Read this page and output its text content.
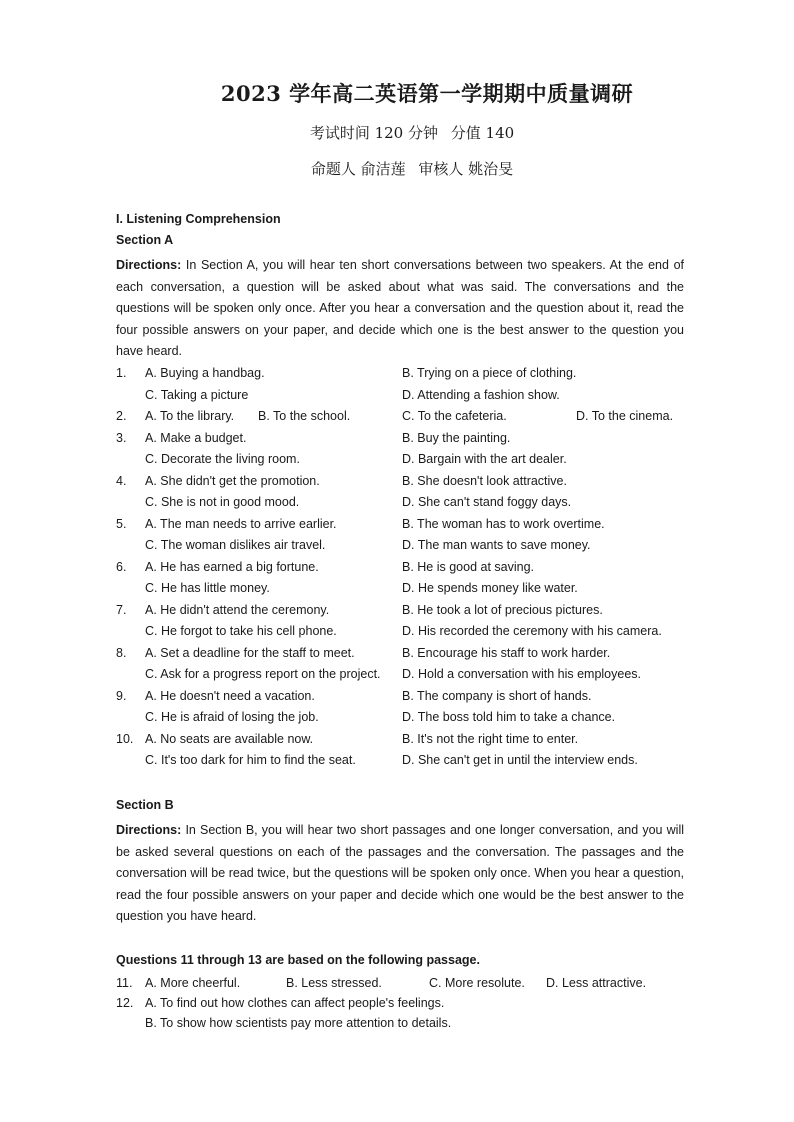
2023 学年高二英语第一学期期中质量调研
考试时间 120 分钟 分值 140
命题人 俞洁莲 审核人 姚治旻
I. Listening Comprehension
Section A
Directions: In Section A, you will hear ten short conversations between two speakers. At the end of each conversation, a question will be asked about what was said. The conversations and the questions will be spoken only once. After you hear a conversation and the question about it, read the four possible answers on your paper, and decide which one is the best answer to the question you have heard.
1. A. Buying a handbag.	B. Trying on a piece of clothing.
C. Taking a picture	D. Attending a fashion show.
2. A. To the library. B. To the school.	C. To the cafeteria.	D. To the cinema.
3. A. Make a budget.	B. Buy the painting.
C. Decorate the living room.	D. Bargain with the art dealer.
4. A. She didn't get the promotion.	B. She doesn't look attractive.
C. She is not in good mood.	D. She can't stand foggy days.
5. A. The man needs to arrive earlier.	B. The woman has to work overtime.
C. The woman dislikes air travel.	D. The man wants to save money.
6. A. He has earned a big fortune.	B. He is good at saving.
C. He has little money.	D. He spends money like water.
7. A. He didn't attend the ceremony.	B. He took a lot of precious pictures.
C. He forgot to take his cell phone.	D. His recorded the ceremony with his camera.
8. A. Set a deadline for the staff to meet.	B. Encourage his staff to work harder.
C. Ask for a progress report on the project. D. Hold a conversation with his employees.
9. A. He doesn't need a vacation.	B. The company is short of hands.
C. He is afraid of losing the job.	D. The boss told him to take a chance.
10. A. No seats are available now.	B. It's not the right time to enter.
C. It's too dark for him to find the seat.	D. She can't get in until the interview ends.
Section B
Directions: In Section B, you will hear two short passages and one longer conversation, and you will be asked several questions on each of the passages and the conversation. The passages and the conversation will be read twice, but the questions will be spoken only once. When you hear a question, read the four possible answers on your paper and decide which one would be the best answer to the question you have heard.
Questions 11 through 13 are based on the following passage.
11. A. More cheerful.	B. Less stressed.	C. More resolute. D. Less attractive.
12. A. To find out how clothes can affect people's feelings.
B. To show how scientists pay more attention to details.
